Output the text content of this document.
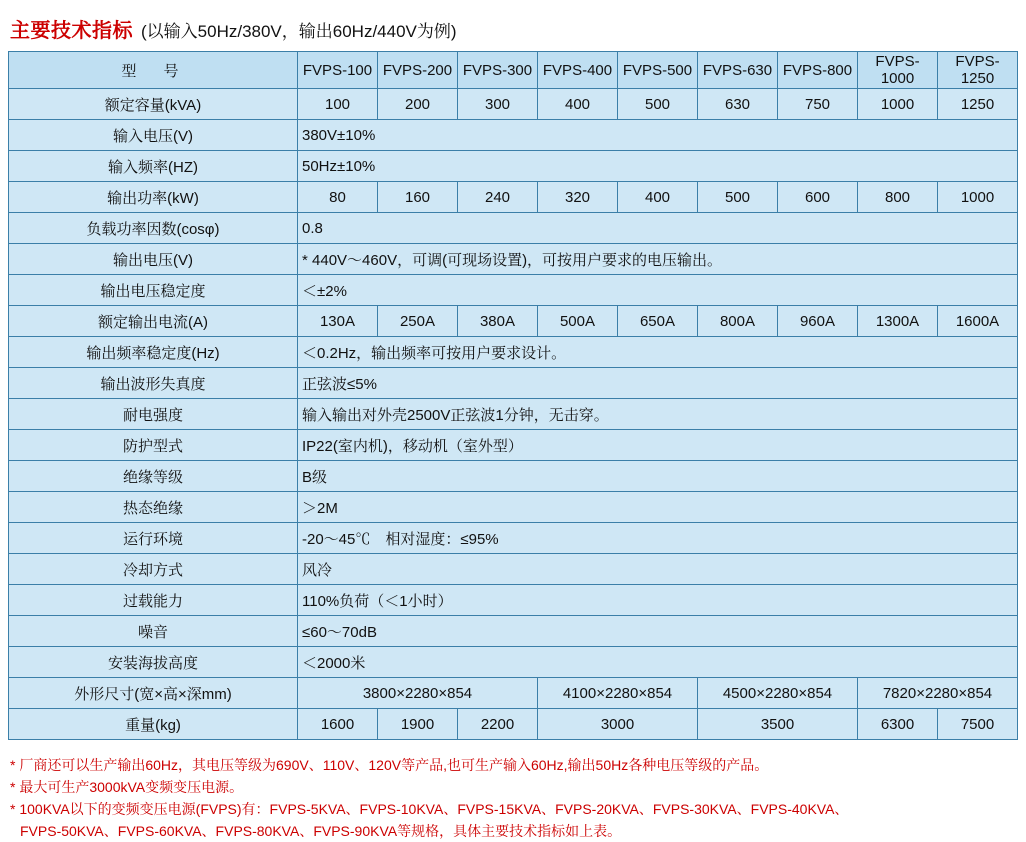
主要技术指标 (以输入50Hz/380V，输出60Hz/440V为例)
型　号	FVPS-100	FVPS-200	FVPS-300	FVPS-400	FVPS-500	FVPS-630	FVPS-800	FVPS-1000	FVPS-1250
额定容量(kVA)	100	200	300	400	500	630	750	1000	1250
输入电压(V)	380V±10%								
输入频率(HZ)	50Hz±10%								
输出功率(kW)	80	160	240	320	400	500	600	800	1000
负载功率因数(cosφ)	0.8								
输出电压(V)	* 440V～460V，可调(可现场设置)，可按用户要求的电压输出。								
输出电压稳定度	＜±2%								
额定输出电流(A)	130A	250A	380A	500A	650A	800A	960A	1300A	1600A
输出频率稳定度(Hz)	＜0.2Hz，输出频率可按用户要求设计。								
输出波形失真度	正弦波≤5%								
耐电强度	输入输出对外壳2500V正弦波1分钟，无击穿。								
防护型式	IP22(室内机)，移动机（室外型）								
绝缘等级	B级								
热态绝缘	＞2M								
运行环境	-20～45℃　相对湿度：≤95%								
冷却方式	风冷								
过载能力	110%负荷（＜1小时）								
噪音	≤60～70dB								
安装海拔高度	＜2000米								
外形尺寸(宽×高×深mm)	3800×2280×854			4100×2280×854		4500×2280×854		7820×2280×854	
重量(kg)	1600	1900	2200	3000		3500		6300	7500
* 厂商还可以生产输出60Hz，其电压等级为690V、110V、120V等产品,也可生产输入60Hz,输出50Hz各种电压等级的产品。
* 最大可生产3000kVA变频变压电源。
* 100KVA以下的变频变压电源(FVPS)有：FVPS-5KVA、FVPS-10KVA、FVPS-15KVA、FVPS-20KVA、FVPS-30KVA、FVPS-40KVA、
FVPS-50KVA、FVPS-60KVA、FVPS-80KVA、FVPS-90KVA等规格，具体主要技术指标如上表。
